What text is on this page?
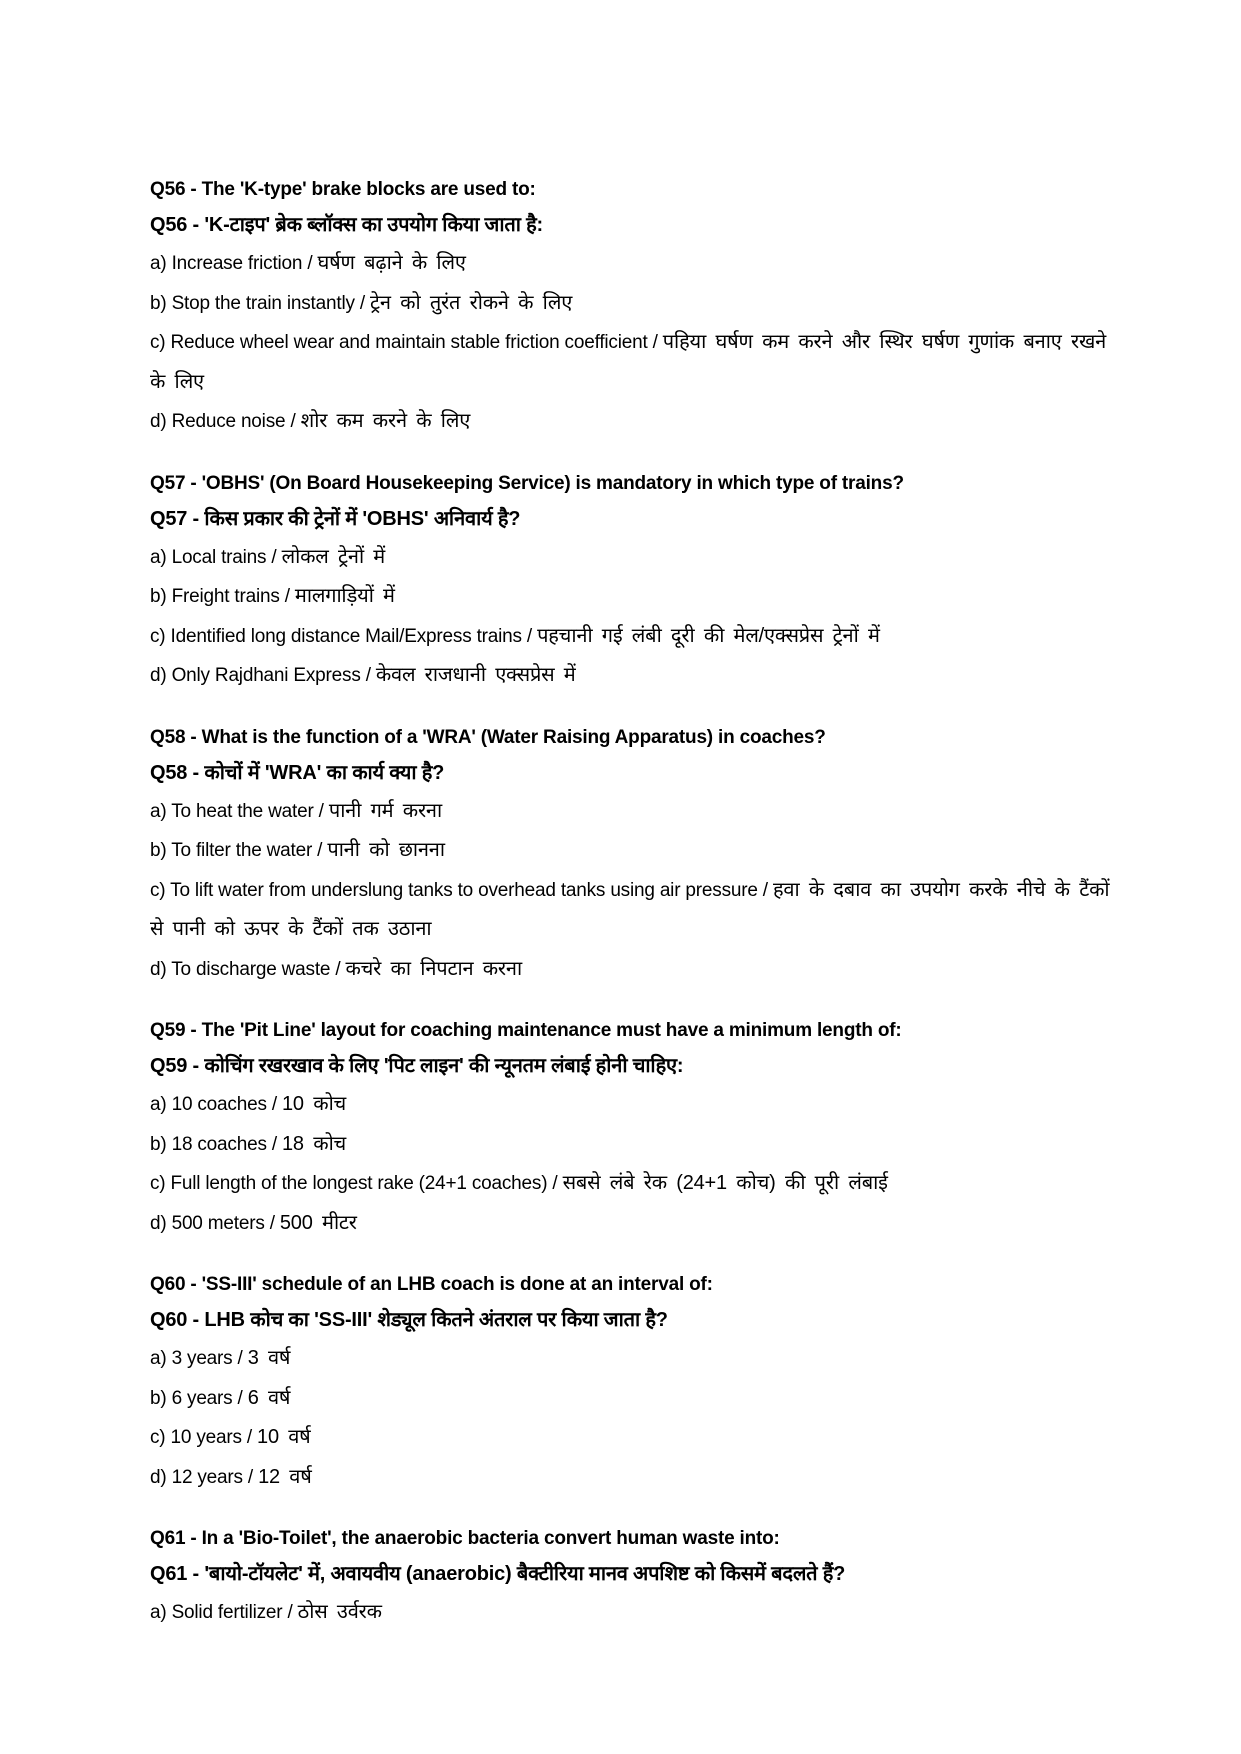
Q56 - The 'K-type' brake blocks are used to:
Q56 - 'K-टाइप' ब्रेक ब्लॉक्स का उपयोग किया जाता है:
a) Increase friction / घर्षण बढ़ाने के लिए
b) Stop the train instantly / ट्रेन को तुरंत रोकने के लिए
c) Reduce wheel wear and maintain stable friction coefficient / पहिया घर्षण कम करने और स्थिर घर्षण गुणांक बनाए रखने के लिए
d) Reduce noise / शोर कम करने के लिए
Q57 - 'OBHS' (On Board Housekeeping Service) is mandatory in which type of trains?
Q57 - किस प्रकार की ट्रेनों में 'OBHS' अनिवार्य है?
a) Local trains / लोकल ट्रेनों में
b) Freight trains / मालगाड़ियों में
c) Identified long distance Mail/Express trains / पहचानी गई लंबी दूरी की मेल/एक्सप्रेस ट्रेनों में
d) Only Rajdhani Express / केवल राजधानी एक्सप्रेस में
Q58 - What is the function of a 'WRA' (Water Raising Apparatus) in coaches?
Q58 - कोचों में 'WRA' का कार्य क्या है?
a) To heat the water / पानी गर्म करना
b) To filter the water / पानी को छानना
c) To lift water from underslung tanks to overhead tanks using air pressure / हवा के दबाव का उपयोग करके नीचे के टैंकों से पानी को ऊपर के टैंकों तक उठाना
d) To discharge waste / कचरे का निपटान करना
Q59 - The 'Pit Line' layout for coaching maintenance must have a minimum length of:
Q59 - कोचिंग रखरखाव के लिए 'पिट लाइन' की न्यूनतम लंबाई होनी चाहिए:
a) 10 coaches / 10 कोच
b) 18 coaches / 18 कोच
c) Full length of the longest rake (24+1 coaches) / सबसे लंबे रेक (24+1 कोच) की पूरी लंबाई
d) 500 meters / 500 मीटर
Q60 - 'SS-III' schedule of an LHB coach is done at an interval of:
Q60 - LHB कोच का 'SS-III' शेड्यूल कितने अंतराल पर किया जाता है?
a) 3 years / 3 वर्ष
b) 6 years / 6 वर्ष
c) 10 years / 10 वर्ष
d) 12 years / 12 वर्ष
Q61 - In a 'Bio-Toilet', the anaerobic bacteria convert human waste into:
Q61 - 'बायो-टॉयलेट' में, अवायवीय (anaerobic) बैक्टीरिया मानव अपशिष्ट को किसमें बदलते हैं?
a) Solid fertilizer / ठोस उर्वरक
